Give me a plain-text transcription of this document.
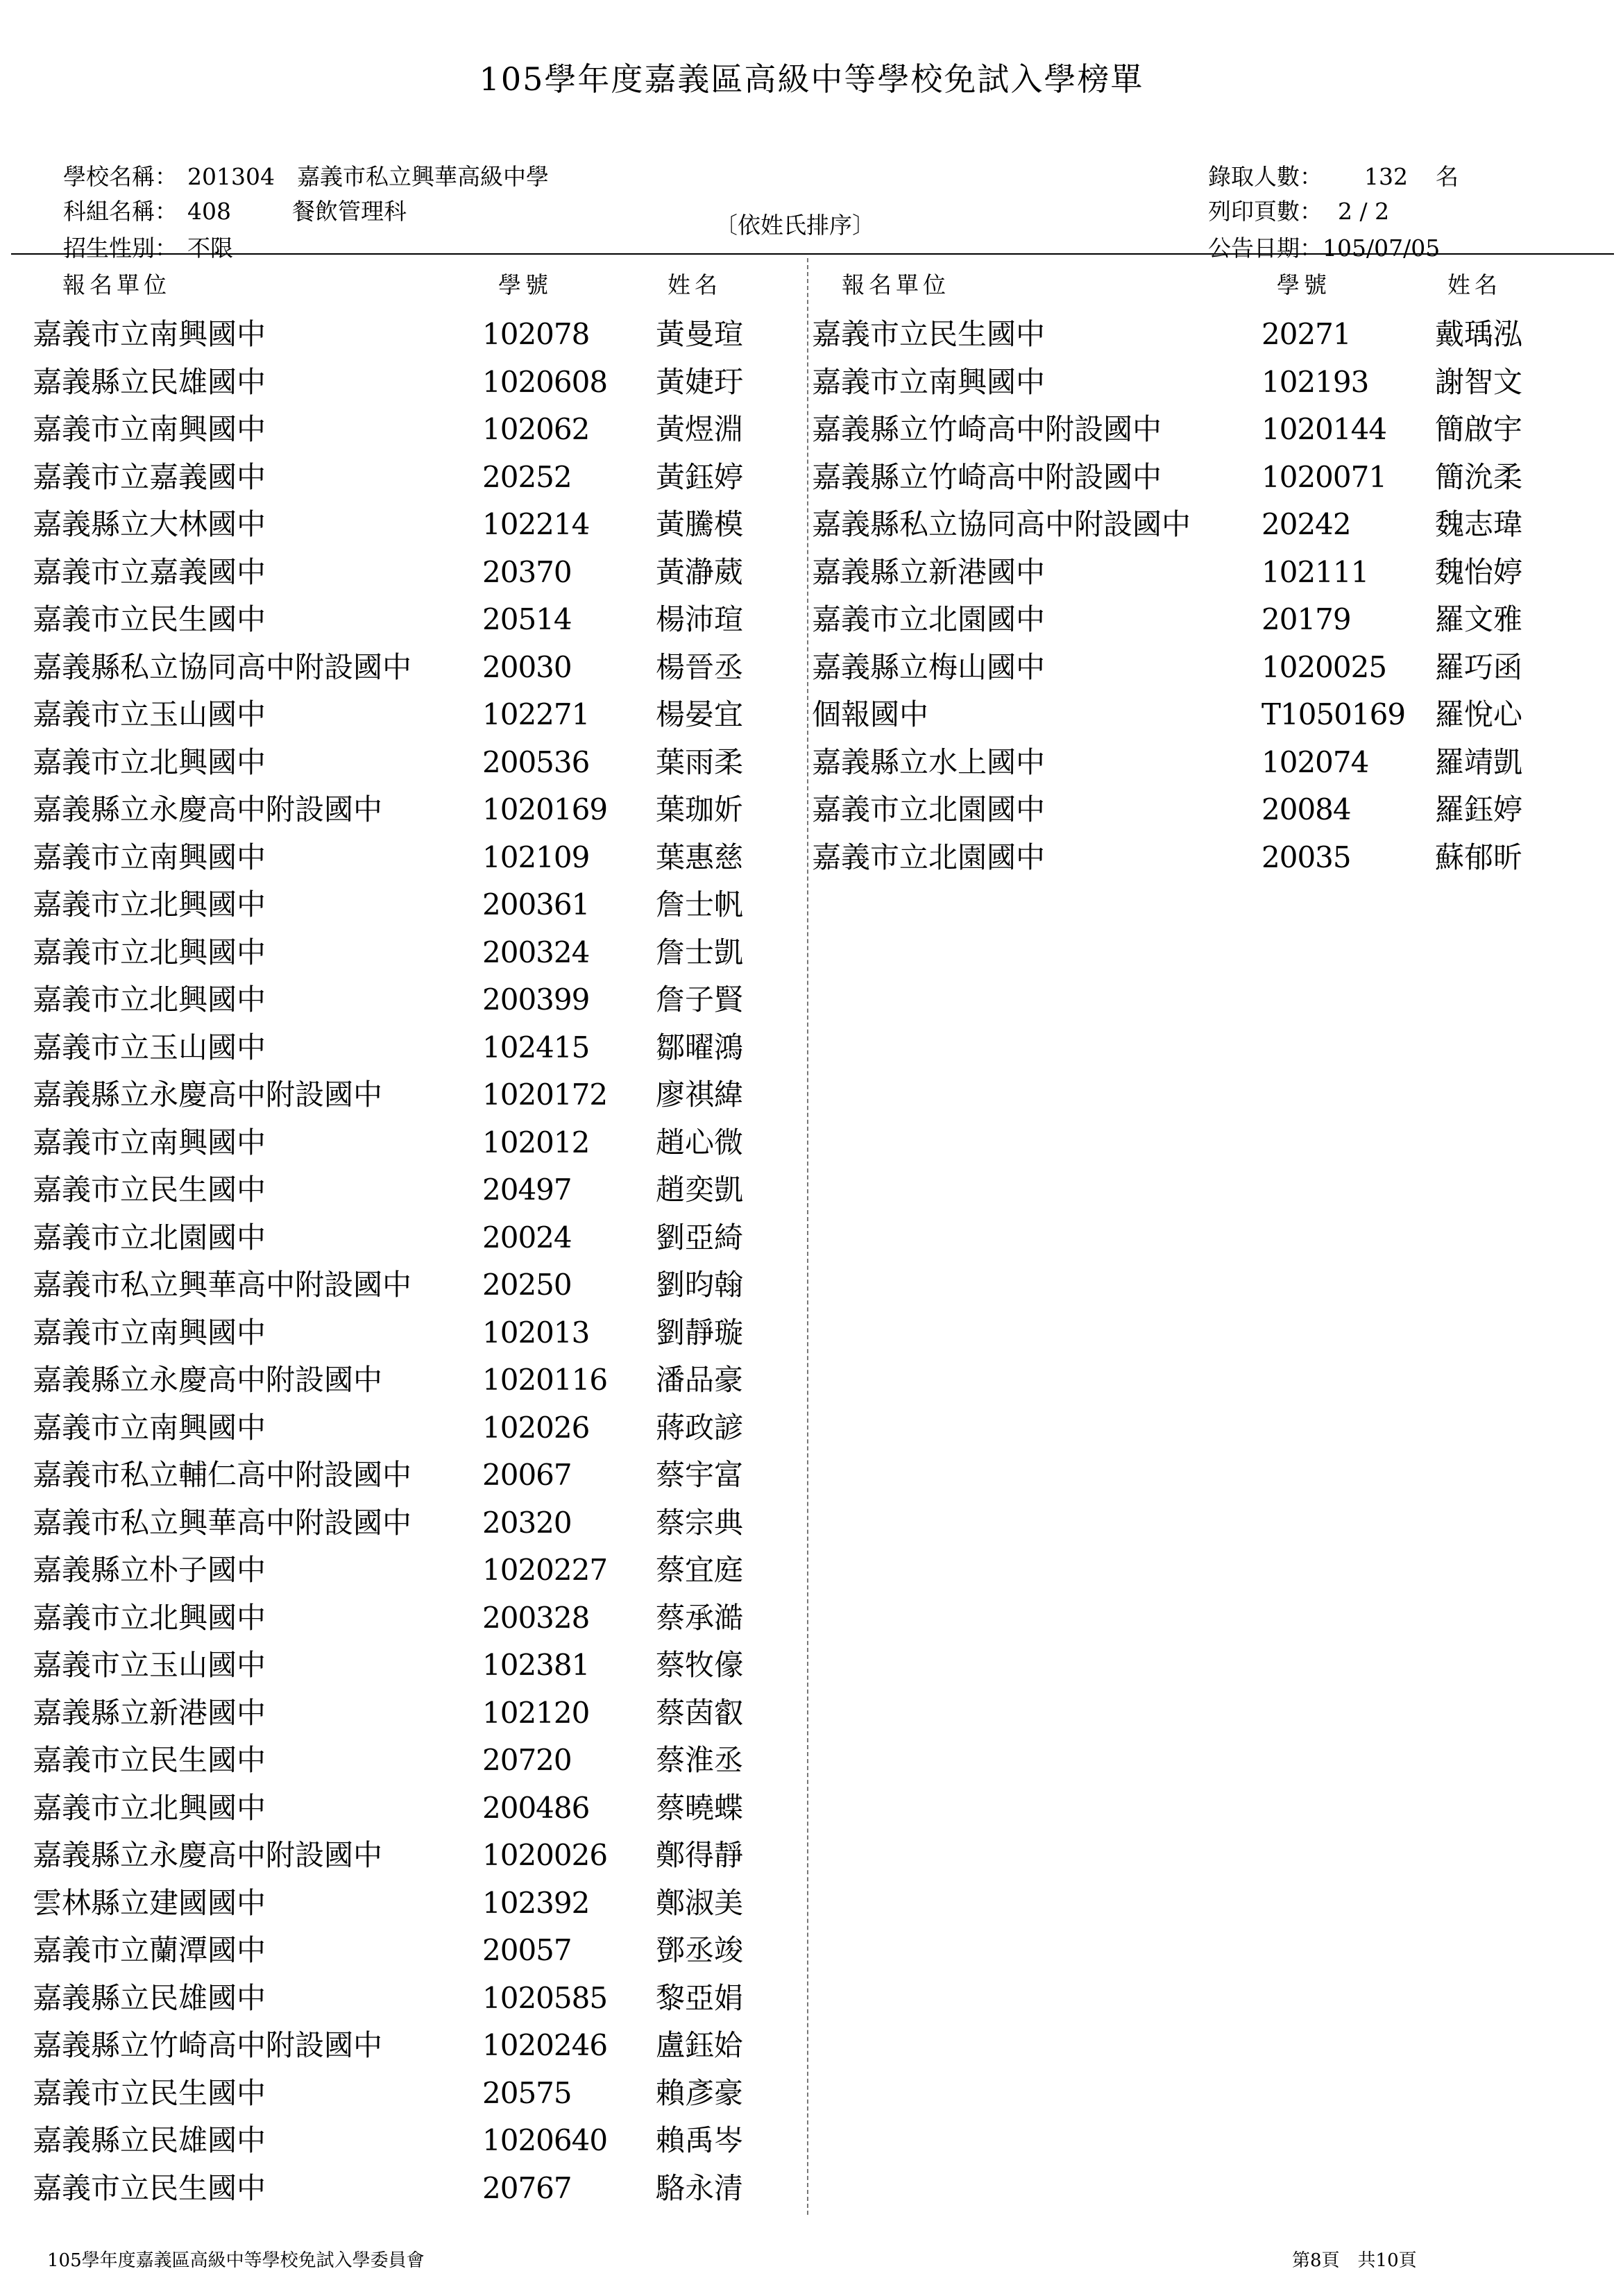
105學年度嘉義區高級中等學校免試入學榜單

學校名稱： 201304 嘉義市私立興華高級中學

科組名稱： 408	餐飲管理科

招生性別： 不限

〔依姓氏排序〕

錄取人數： 132 名

列印頁數： 2 / 2

公告日期：105/07/05

報名單位	學號	姓名	報名單位	學號	姓名
嘉義市立南興國中	102078 黃曼瑄
嘉義縣立民雄國中	1020608 黃婕玗
嘉義市立南興國中	102062 黃煜淵
嘉義市立嘉義國中	20252	黃鈺婷
嘉義縣立大林國中	102214 黃騰模
嘉義市立嘉義國中	20370	黃瀞葳
嘉義市立民生國中	20514	楊沛瑄
嘉義縣私立協同高中附設國中 20030	楊晉丞
嘉義市立玉山國中	102271 楊晏宜
嘉義市立北興國中	200536 葉雨柔
嘉義縣立永慶高中附設國中	1020169 葉珈妡
嘉義市立南興國中	102109 葉惠慈
嘉義市立北興國中	200361 詹士帆
嘉義市立北興國中	200324 詹士凱
嘉義市立北興國中	200399 詹子賢
嘉義市立玉山國中	102415 鄒曜鴻
嘉義縣立永慶高中附設國中	1020172 廖祺緯
嘉義市立南興國中	102012 趙心微
嘉義市立民生國中	20497	趙奕凱
嘉義市立北園國中	20024	劉亞綺
嘉義市私立興華高中附設國中 20250	劉昀翰
嘉義市立南興國中	102013 劉靜璇
嘉義縣立永慶高中附設國中	1020116 潘品豪
嘉義市立南興國中	102026 蔣政諺
嘉義市私立輔仁高中附設國中 20067	蔡宇富
嘉義市私立興華高中附設國中 20320	蔡宗典
嘉義縣立朴子國中	1020227 蔡宜庭
嘉義市立北興國中	200328 蔡承澔
嘉義市立玉山國中	102381 蔡牧儫
嘉義縣立新港國中	102120 蔡茵叡
嘉義市立民生國中	20720	蔡淮丞
嘉義市立北興國中	200486 蔡曉蝶
嘉義縣立永慶高中附設國中	1020026 鄭得靜
雲林縣立建國國中	102392 鄭淑美
嘉義市立蘭潭國中	20057	鄧丞竣
嘉義縣立民雄國中	1020585 黎亞娟
嘉義縣立竹崎高中附設國中	1020246 盧鈺姶
嘉義市立民生國中	20575	賴彥豪
嘉義縣立民雄國中	1020640 賴禹岑
嘉義市立民生國中	20767	駱永清
嘉義市立民生國中	20271	戴瑀泓
嘉義市立南興國中	102193 謝智文
嘉義縣立竹崎高中附設國中	1020144 簡啟宇
嘉義縣立竹崎高中附設國中	1020071 簡沇柔
嘉義縣私立協同高中附設國中 20242	魏志瑋
嘉義縣立新港國中	102111 魏怡婷
嘉義市立北園國中	20179	羅文雅
嘉義縣立梅山國中	1020025 羅巧函
個報國中	T1050169 羅悅心
嘉義縣立水上國中	102074 羅靖凱
嘉義市立北園國中	20084	羅鈺婷
嘉義市立北園國中	20035	蘇郁昕
105學年度嘉義區高級中等學校免試入學委員會	第8頁　共10頁
